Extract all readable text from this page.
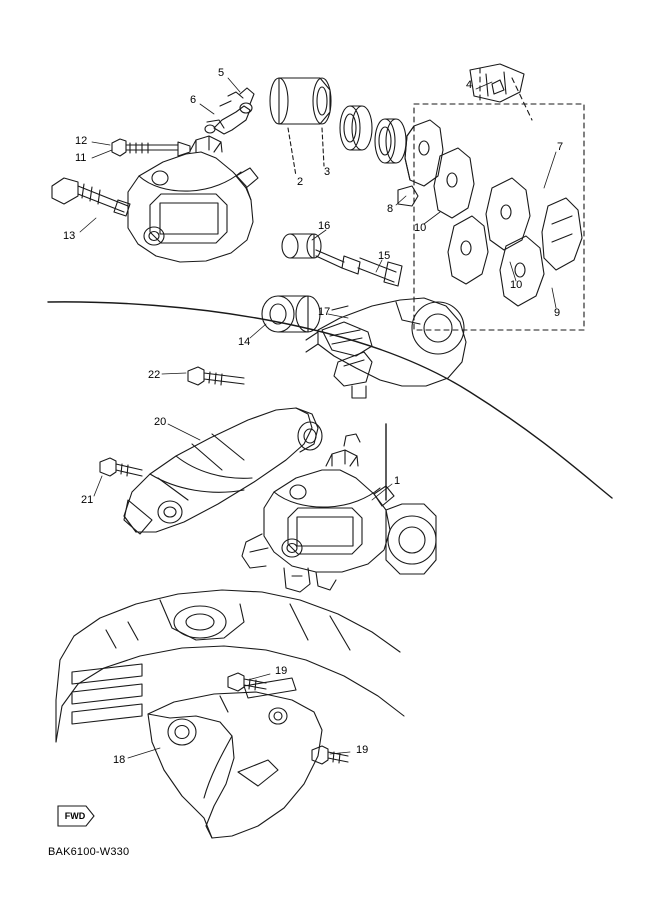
5
6
4
12
11
7
2
3
8
13
10
16
15
10
9
17
14
22
20
21
1
19
19
18
FWD
BAK6100-W330
